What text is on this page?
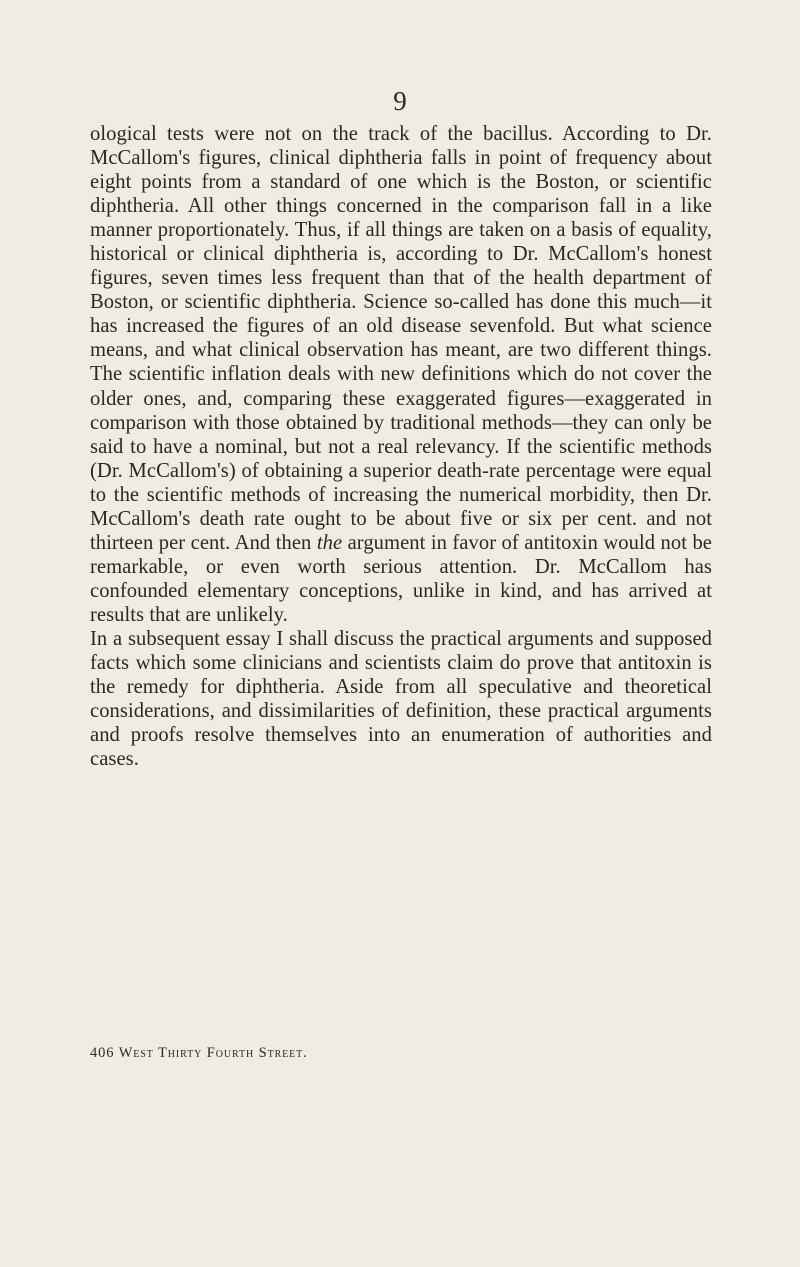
9

ological tests were not on the track of the bacillus. According to Dr. McCallom's figures, clinical diphtheria falls in point of frequency about eight points from a standard of one which is the Boston, or scientific diphtheria. All other things concerned in the comparison fall in a like manner proportionately. Thus, if all things are taken on a basis of equality, historical or clinical diphtheria is, according to Dr. McCallom's honest figures, seven times less frequent than that of the health department of Boston, or scientific diphtheria. Science so-called has done this much—it has increased the figures of an old disease sevenfold. But what science means, and what clinical observation has meant, are two different things. The scientific inflation deals with new definitions which do not cover the older ones, and, comparing these exaggerated figures—exaggerated in comparison with those obtained by traditional methods—they can only be said to have a nominal, but not a real relevancy. If the scientific methods (Dr. McCallom's) of obtaining a superior death-rate percentage were equal to the scientific methods of increasing the numerical morbidity, then Dr. McCallom's death rate ought to be about five or six per cent. and not thirteen per cent. And then the argument in favor of antitoxin would not be remarkable, or even worth serious attention. Dr. McCallom has confounded elementary conceptions, unlike in kind, and has arrived at results that are unlikely.

In a subsequent essay I shall discuss the practical arguments and supposed facts which some clinicians and scientists claim do prove that antitoxin is the remedy for diphtheria. Aside from all speculative and theoretical considerations, and dissimilarities of definition, these practical arguments and proofs resolve themselves into an enumeration of authorities and cases.

406 West Thirty Fourth Street.
